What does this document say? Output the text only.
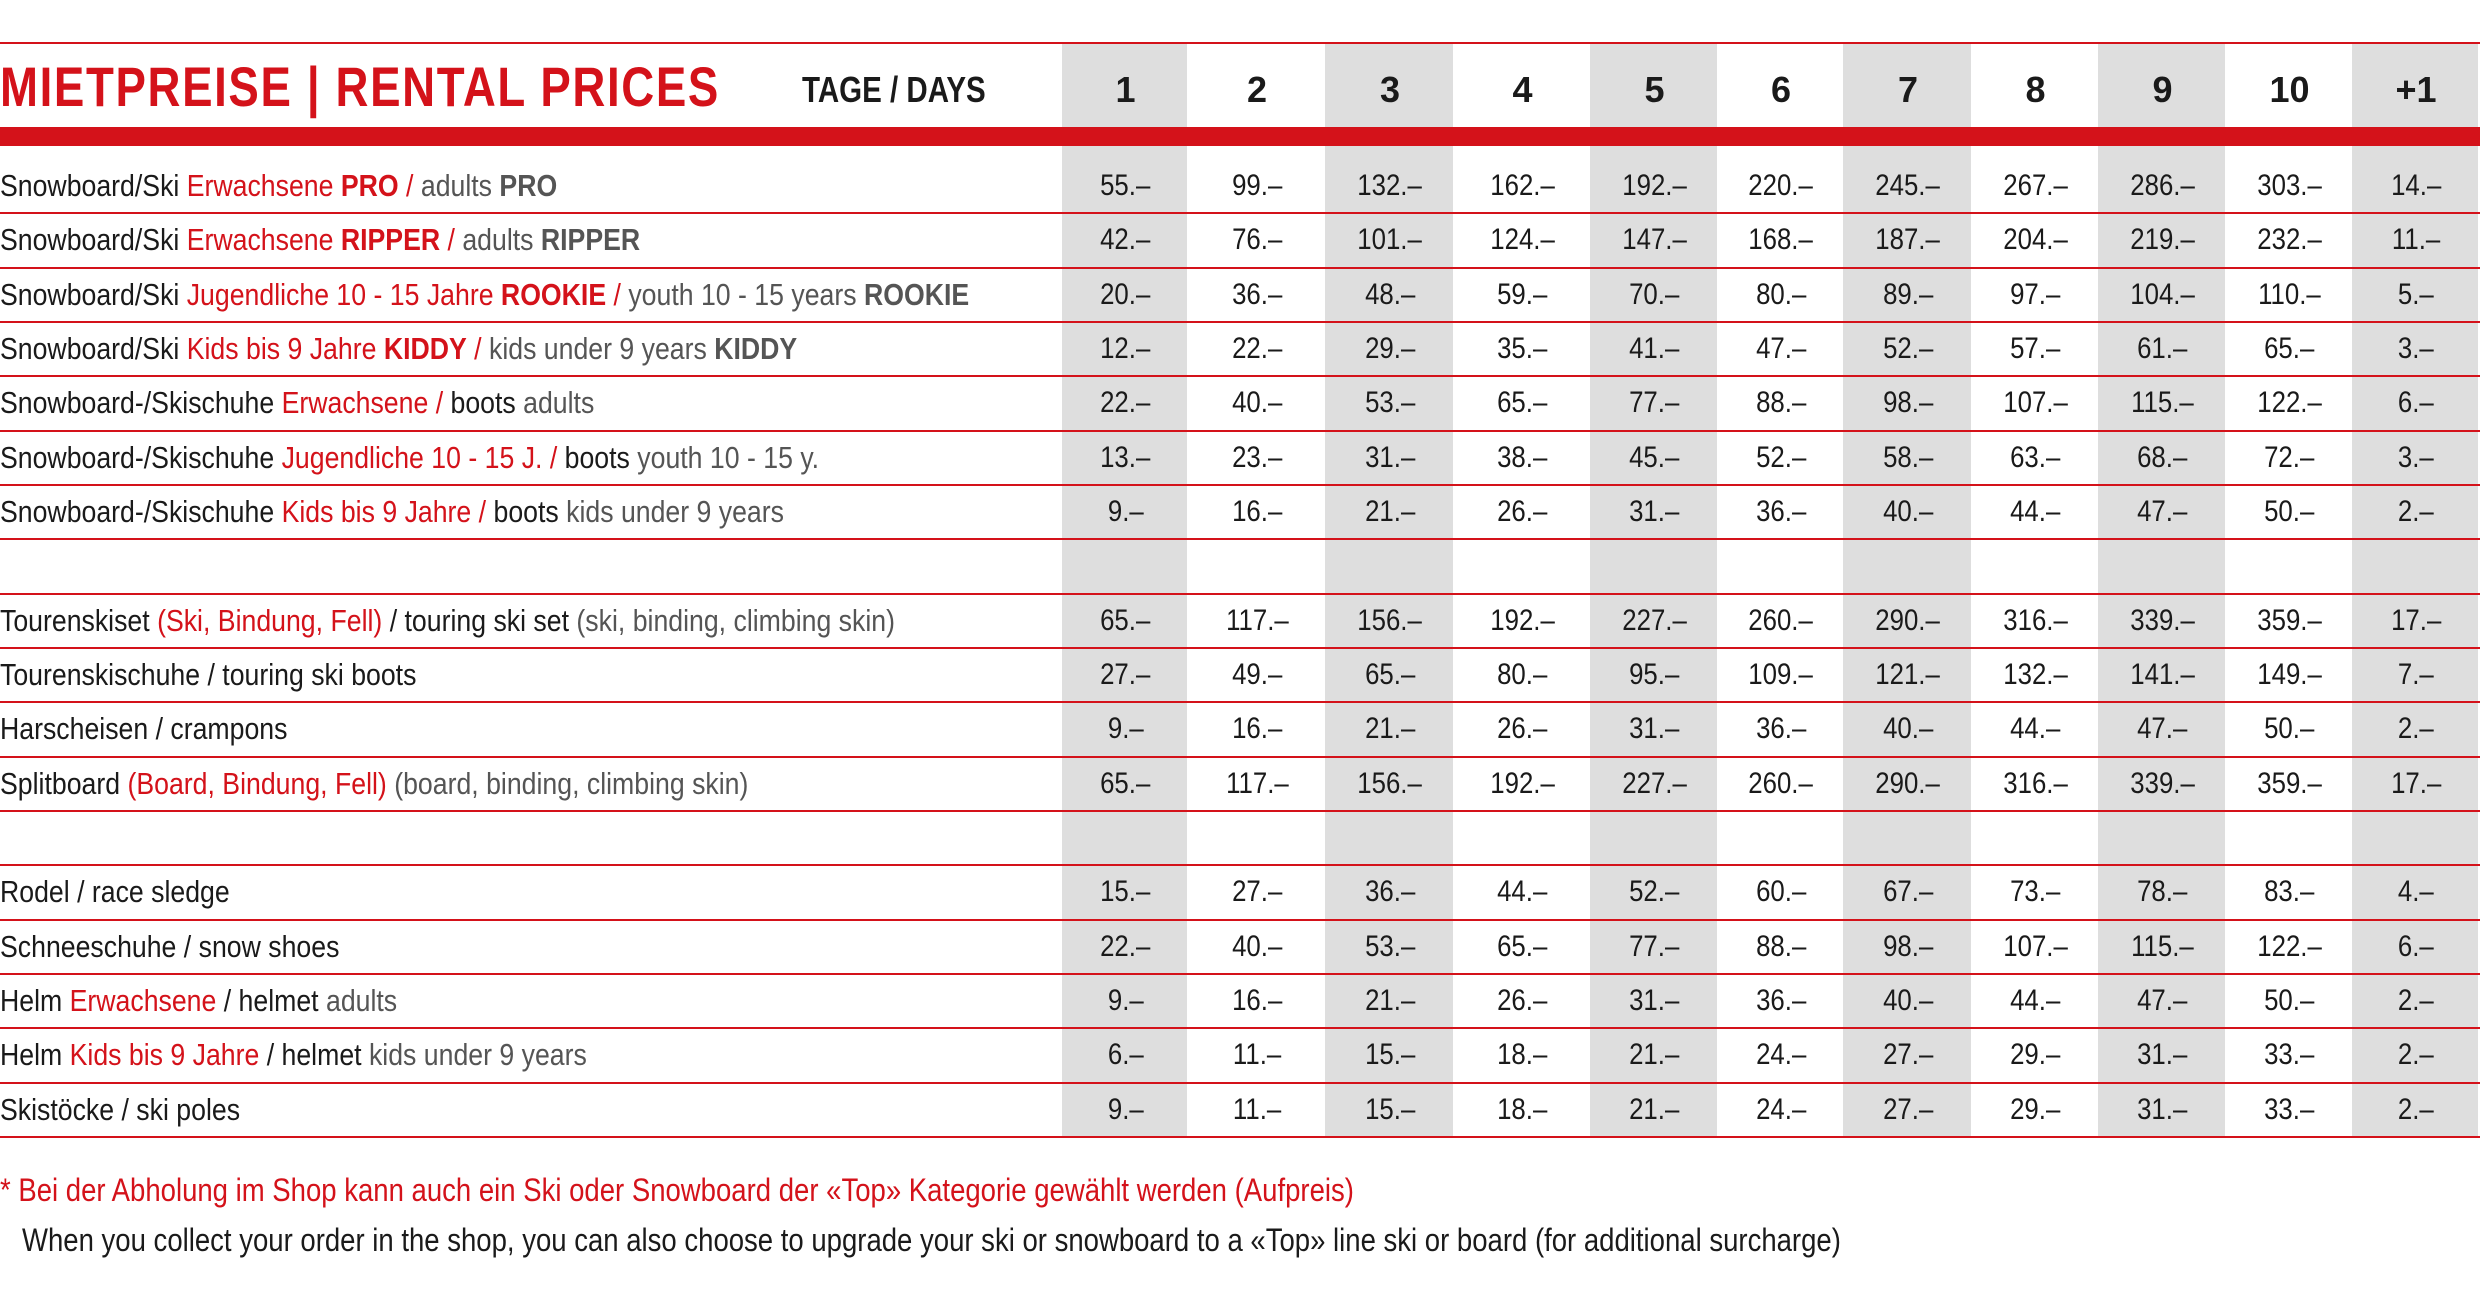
MIETPREISE | RENTAL PRICES TAGE / DAYS	1	2	3	4	5	6	7	8	9	10	+1
Snowboard/Ski Erwachsene PRO / adults PRO	55.–	99.–	132.–	162.–	192.–	220.–	245.–	267.–	286.–	303.–	14.–
Snowboard/Ski Erwachsene RIPPER / adults RIPPER	42.–	76.–	101.–	124.–	147.–	168.–	187.–	204.–	219.–	232.–	11.–
Snowboard/Ski Jugendliche 10 - 15 Jahre ROOKIE / youth 10 - 15 years ROOKIE	20.–	36.–	48.–	59.–	70.–	80.–	89.–	97.–	104.–	110.–	5.–
Snowboard/Ski Kids bis 9 Jahre KIDDY / kids under 9 years KIDDY	12.–	22.–	29.–	35.–	41.–	47.–	52.–	57.–	61.–	65.–	3.–
Snowboard-/Skischuhe Erwachsene / boots adults	22.–	40.–	53.–	65.–	77.–	88.–	98.–	107.–	115.–	122.–	6.–
Snowboard-/Skischuhe Jugendliche 10 - 15 J. / boots youth 10 - 15 y.	13.–	23.–	31.–	38.–	45.–	52.–	58.–	63.–	68.–	72.–	3.–
Snowboard-/Skischuhe Kids bis 9 Jahre / boots kids under 9 years	9.–	16.–	21.–	26.–	31.–	36.–	40.–	44.–	47.–	50.–	2.–
Tourenskiset (Ski, Bindung, Fell) / touring ski set (ski, binding, climbing skin)	65.–	117.–	156.–	192.–	227.–	260.–	290.–	316.–	339.–	359.–	17.–
Tourenskischuhe / touring ski boots	27.–	49.–	65.–	80.–	95.–	109.–	121.–	132.–	141.–	149.–	7.–
Harscheisen / crampons	9.–	16.–	21.–	26.–	31.–	36.–	40.–	44.–	47.–	50.–	2.–
Splitboard (Board, Bindung, Fell) (board, binding, climbing skin)	65.–	117.–	156.–	192.–	227.–	260.–	290.–	316.–	339.–	359.–	17.–
Rodel / race sledge	15.–	27.–	36.–	44.–	52.–	60.–	67.–	73.–	78.–	83.–	4.–
Schneeschuhe / snow shoes	22.–	40.–	53.–	65.–	77.–	88.–	98.–	107.–	115.–	122.–	6.–
Helm Erwachsene / helmet adults	9.–	16.–	21.–	26.–	31.–	36.–	40.–	44.–	47.–	50.–	2.–
Helm Kids bis 9 Jahre / helmet kids under 9 years	6.–	11.–	15.–	18.–	21.–	24.–	27.–	29.–	31.–	33.–	2.–
Skistöcke / ski poles	9.–	11.–	15.–	18.–	21.–	24.–	27.–	29.–	31.–	33.–	2.–
* Bei der Abholung im Shop kann auch ein Ski oder Snowboard der «Top» Kategorie gewählt werden (Aufpreis)
When you collect your order in the shop, you can also choose to upgrade your ski or snowboard to a «Top» line ski or board (for additional surcharge)
